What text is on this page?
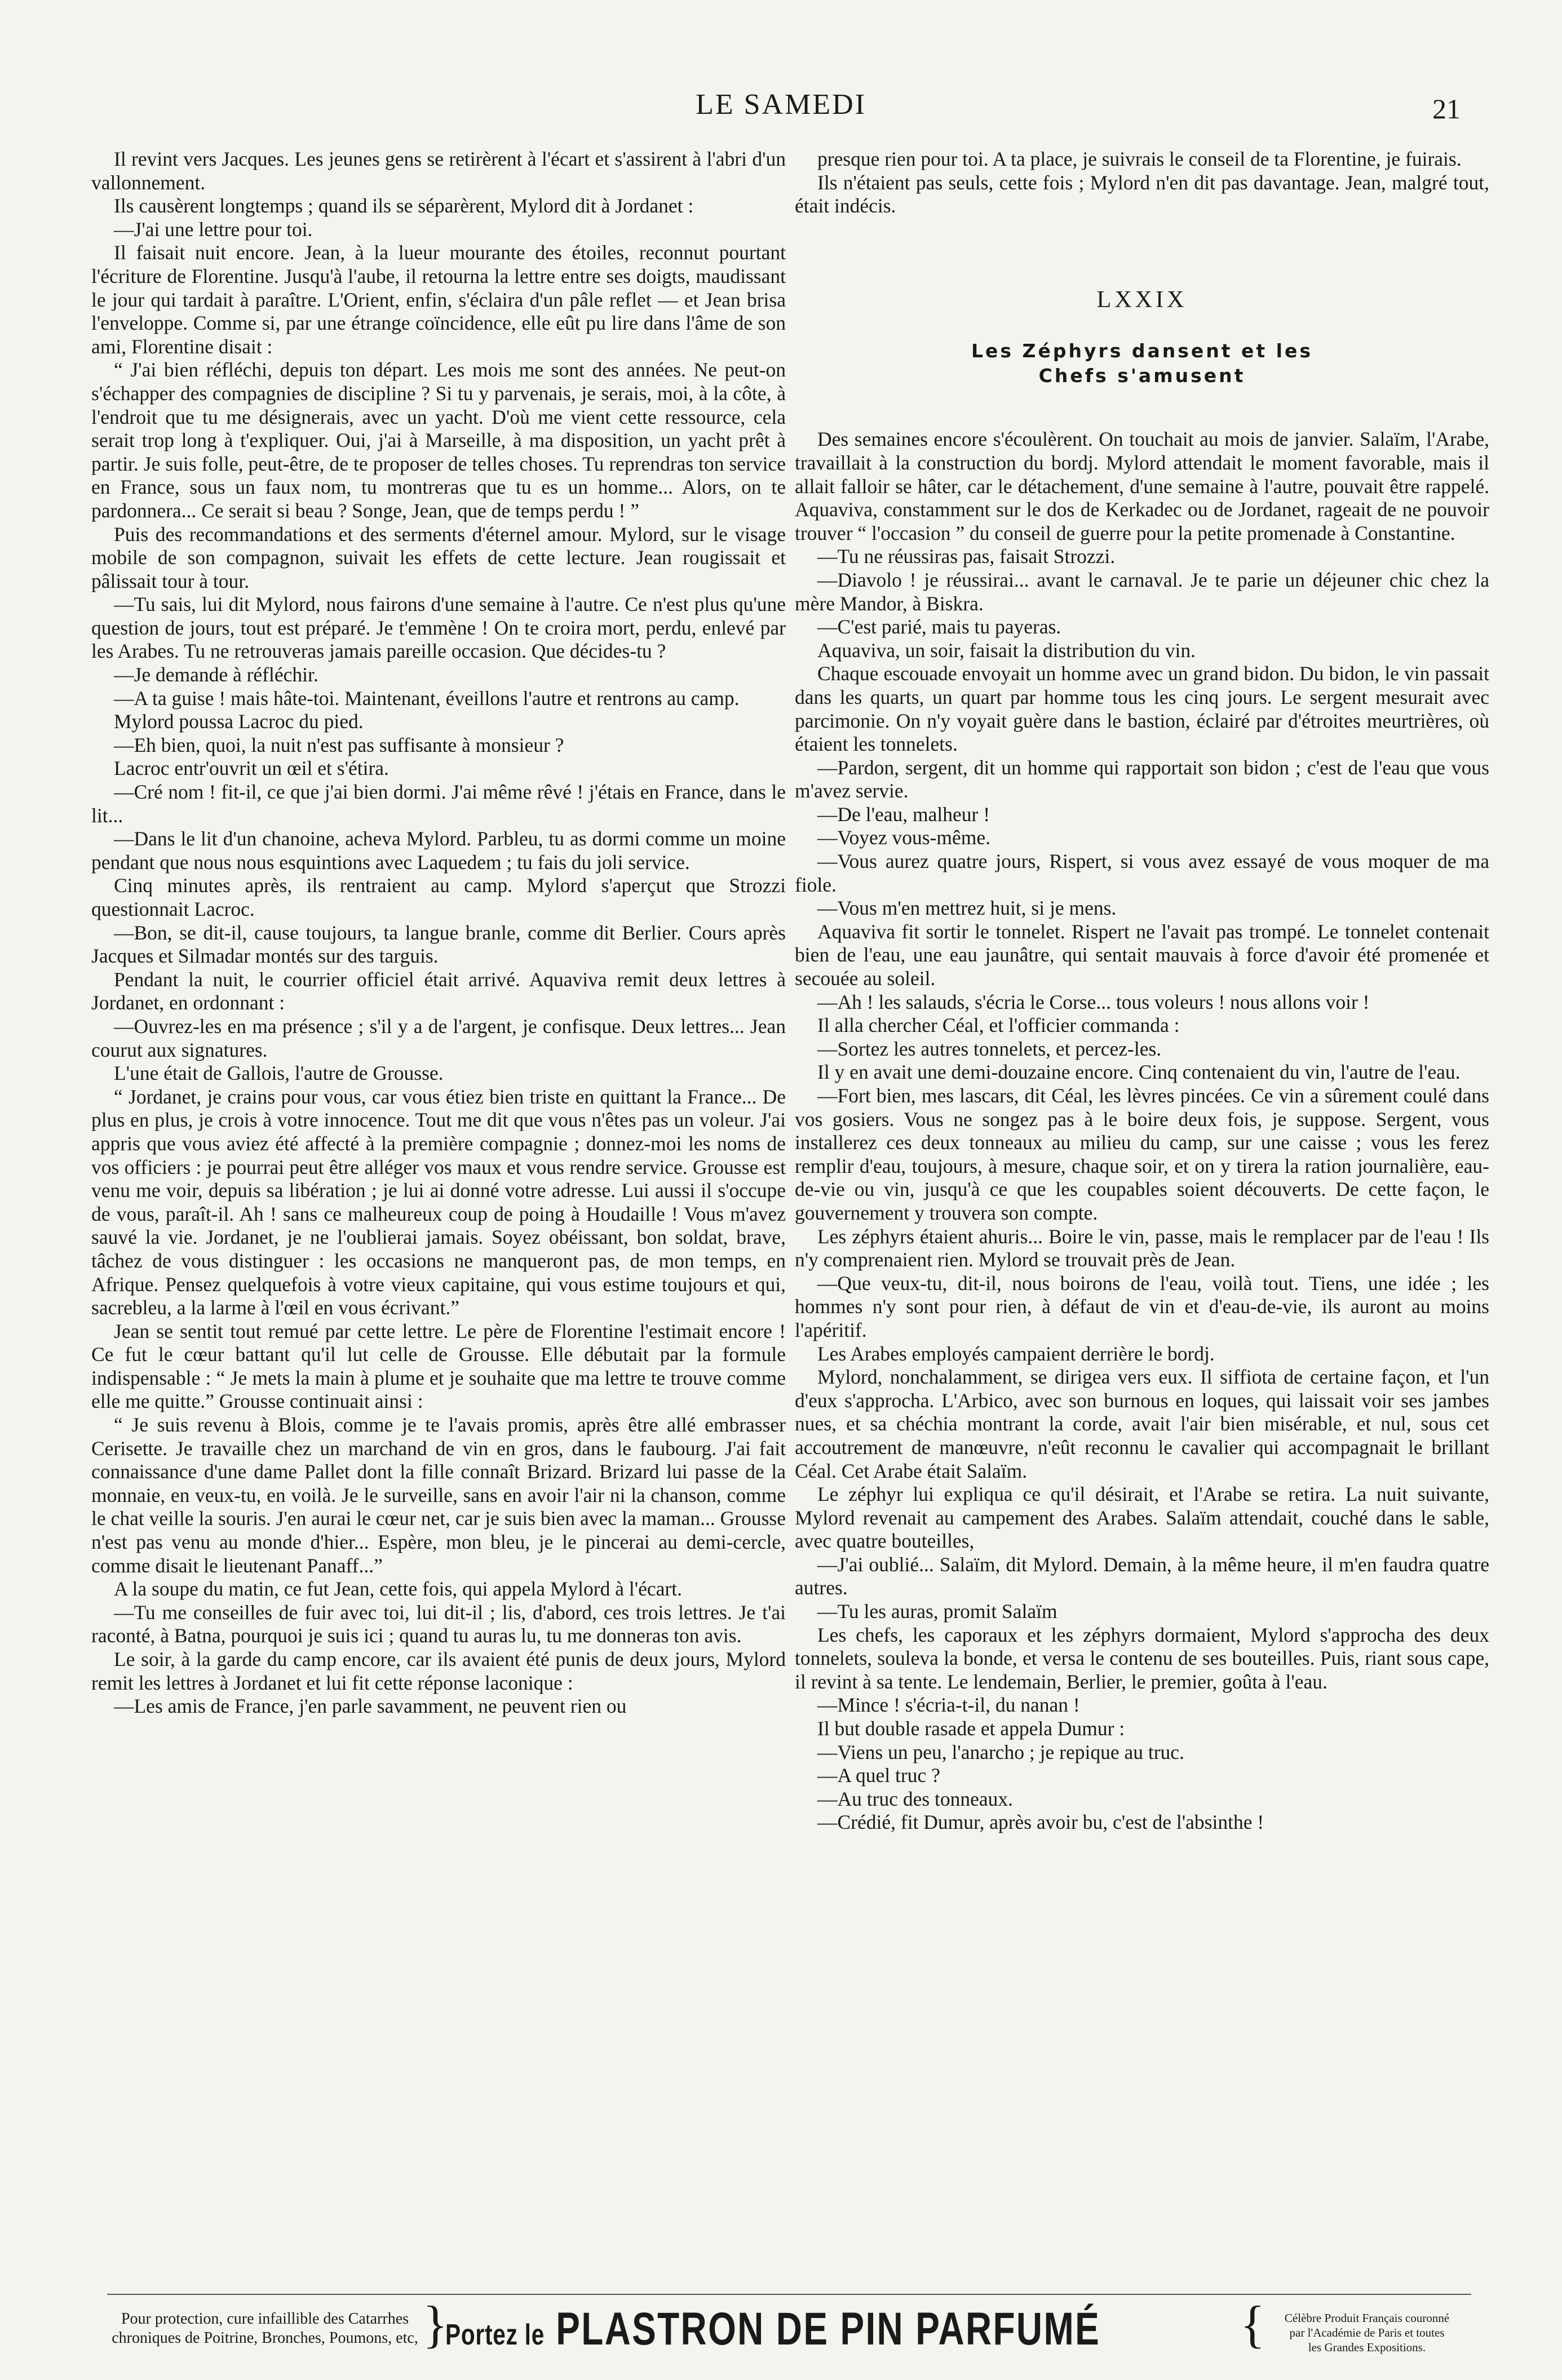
LE SAMEDI	21

Il revint vers Jacques. Les jeunes gens se retirèrent à l'écart et s'assirent à l'abri d'un vallonnement.

Ils causèrent longtemps ; quand ils se séparèrent, Mylord dit à Jordanet :

—J'ai une lettre pour toi.

Il faisait nuit encore. Jean, à la lueur mourante des étoiles, reconnut pourtant l'écriture de Florentine. Jusqu'à l'aube, il retourna la lettre entre ses doigts, maudissant le jour qui tardait à paraître. L'Orient, enfin, s'éclaira d'un pâle reflet — et Jean brisa l'enveloppe. Comme si, par une étrange coïncidence, elle eût pu lire dans l'âme de son ami, Florentine disait :

“ J'ai bien réfléchi, depuis ton départ. Les mois me sont des années. Ne peut-on s'échapper des compagnies de discipline ? Si tu y parvenais, je serais, moi, à la côte, à l'endroit que tu me désignerais, avec un yacht. D'où me vient cette ressource, cela serait trop long à t'expliquer. Oui, j'ai à Marseille, à ma disposition, un yacht prêt à partir. Je suis folle, peut-être, de te proposer de telles choses. Tu reprendras ton service en France, sous un faux nom, tu montreras que tu es un homme... Alors, on te pardonnera... Ce serait si beau ? Songe, Jean, que de temps perdu ! ”

Puis des recommandations et des serments d'éternel amour. Mylord, sur le visage mobile de son compagnon, suivait les effets de cette lecture. Jean rougissait et pâlissait tour à tour.

—Tu sais, lui dit Mylord, nous fairons d'une semaine à l'autre. Ce n'est plus qu'une question de jours, tout est préparé. Je t'emmène ! On te croira mort, perdu, enlevé par les Arabes. Tu ne retrouveras jamais pareille occasion. Que décides-tu ?

—Je demande à réfléchir.

—A ta guise ! mais hâte-toi. Maintenant, éveillons l'autre et rentrons au camp.

Mylord poussa Lacroc du pied.

—Eh bien, quoi, la nuit n'est pas suffisante à monsieur ?

Lacroc entr'ouvrit un œil et s'étira.

—Cré nom ! fit-il, ce que j'ai bien dormi. J'ai même rêvé ! j'étais en France, dans le lit...

—Dans le lit d'un chanoine, acheva Mylord. Parbleu, tu as dormi comme un moine pendant que nous nous esquintions avec Laquedem ; tu fais du joli service.

Cinq minutes après, ils rentraient au camp. Mylord s'aperçut que Strozzi questionnait Lacroc.

—Bon, se dit-il, cause toujours, ta langue branle, comme dit Berlier. Cours après Jacques et Silmadar montés sur des targuis.

Pendant la nuit, le courrier officiel était arrivé. Aquaviva remit deux lettres à Jordanet, en ordonnant :

—Ouvrez-les en ma présence ; s'il y a de l'argent, je confisque. Deux lettres... Jean courut aux signatures.

L'une était de Gallois, l'autre de Grousse.

“ Jordanet, je crains pour vous, car vous étiez bien triste en quittant la France... De plus en plus, je crois à votre innocence. Tout me dit que vous n'êtes pas un voleur. J'ai appris que vous aviez été affecté à la première compagnie ; donnez-moi les noms de vos officiers : je pourrai peut être alléger vos maux et vous rendre service. Grousse est venu me voir, depuis sa libération ; je lui ai donné votre adresse. Lui aussi il s'occupe de vous, paraît-il. Ah ! sans ce malheureux coup de poing à Houdaille ! Vous m'avez sauvé la vie. Jordanet, je ne l'oublierai jamais. Soyez obéissant, bon soldat, brave, tâchez de vous distinguer : les occasions ne manqueront pas, de mon temps, en Afrique. Pensez quelquefois à votre vieux capitaine, qui vous estime toujours et qui, sacrebleu, a la larme à l'œil en vous écrivant.”

Jean se sentit tout remué par cette lettre. Le père de Florentine l'estimait encore ! Ce fut le cœur battant qu'il lut celle de Grousse. Elle débutait par la formule indispensable : “ Je mets la main à plume et je souhaite que ma lettre te trouve comme elle me quitte.” Grousse continuait ainsi :

“ Je suis revenu à Blois, comme je te l'avais promis, après être allé embrasser Cerisette. Je travaille chez un marchand de vin en gros, dans le faubourg. J'ai fait connaissance d'une dame Pallet dont la fille connaît Brizard. Brizard lui passe de la monnaie, en veux-tu, en voilà. Je le surveille, sans en avoir l'air ni la chanson, comme le chat veille la souris. J'en aurai le cœur net, car je suis bien avec la maman... Grousse n'est pas venu au monde d'hier... Espère, mon bleu, je le pincerai au demi-cercle, comme disait le lieutenant Panaff...”

A la soupe du matin, ce fut Jean, cette fois, qui appela Mylord à l'écart.

—Tu me conseilles de fuir avec toi, lui dit-il ; lis, d'abord, ces trois lettres. Je t'ai raconté, à Batna, pourquoi je suis ici ; quand tu auras lu, tu me donneras ton avis.

Le soir, à la garde du camp encore, car ils avaient été punis de deux jours, Mylord remit les lettres à Jordanet et lui fit cette réponse laconique :

—Les amis de France, j'en parle savamment, ne peuvent rien ou

presque rien pour toi. A ta place, je suivrais le conseil de ta Florentine, je fuirais.

Ils n'étaient pas seuls, cette fois ; Mylord n'en dit pas davantage. Jean, malgré tout, était indécis.

LXXIX
Les Zéphyrs dansent et les
Chefs s'amusent

Des semaines encore s'écoulèrent. On touchait au mois de janvier. Salaïm, l'Arabe, travaillait à la construction du bordj. Mylord attendait le moment favorable, mais il allait falloir se hâter, car le détachement, d'une semaine à l'autre, pouvait être rappelé. Aquaviva, constamment sur le dos de Kerkadec ou de Jordanet, rageait de ne pouvoir trouver “ l'occasion ” du conseil de guerre pour la petite promenade à Constantine.

—Tu ne réussiras pas, faisait Strozzi.

—Diavolo ! je réussirai... avant le carnaval. Je te parie un déjeuner chic chez la mère Mandor, à Biskra.

—C'est parié, mais tu payeras.

Aquaviva, un soir, faisait la distribution du vin.

Chaque escouade envoyait un homme avec un grand bidon. Du bidon, le vin passait dans les quarts, un quart par homme tous les cinq jours. Le sergent mesurait avec parcimonie. On n'y voyait guère dans le bastion, éclairé par d'étroites meurtrières, où étaient les tonnelets.

—Pardon, sergent, dit un homme qui rapportait son bidon ; c'est de l'eau que vous m'avez servie.

—De l'eau, malheur !

—Voyez vous-même.

—Vous aurez quatre jours, Rispert, si vous avez essayé de vous moquer de ma fiole.

—Vous m'en mettrez huit, si je mens.

Aquaviva fit sortir le tonnelet. Rispert ne l'avait pas trompé. Le tonnelet contenait bien de l'eau, une eau jaunâtre, qui sentait mauvais à force d'avoir été promenée et secouée au soleil.

—Ah ! les salauds, s'écria le Corse... tous voleurs ! nous allons voir !

Il alla chercher Céal, et l'officier commanda :

—Sortez les autres tonnelets, et percez-les.

Il y en avait une demi-douzaine encore. Cinq contenaient du vin, l'autre de l'eau.

—Fort bien, mes lascars, dit Céal, les lèvres pincées. Ce vin a sûrement coulé dans vos gosiers. Vous ne songez pas à le boire deux fois, je suppose. Sergent, vous installerez ces deux tonneaux au milieu du camp, sur une caisse ; vous les ferez remplir d'eau, toujours, à mesure, chaque soir, et on y tirera la ration journalière, eau-de-vie ou vin, jusqu'à ce que les coupables soient découverts. De cette façon, le gouvernement y trouvera son compte.

Les zéphyrs étaient ahuris... Boire le vin, passe, mais le remplacer par de l'eau ! Ils n'y comprenaient rien. Mylord se trouvait près de Jean.

—Que veux-tu, dit-il, nous boirons de l'eau, voilà tout. Tiens, une idée ; les hommes n'y sont pour rien, à défaut de vin et d'eau-de-vie, ils auront au moins l'apéritif.

Les Arabes employés campaient derrière le bordj.

Mylord, nonchalamment, se dirigea vers eux. Il siffiota de certaine façon, et l'un d'eux s'approcha. L'Arbico, avec son burnous en loques, qui laissait voir ses jambes nues, et sa chéchia montrant la corde, avait l'air bien misérable, et nul, sous cet accoutrement de manœuvre, n'eût reconnu le cavalier qui accompagnait le brillant Céal. Cet Arabe était Salaïm.

Le zéphyr lui expliqua ce qu'il désirait, et l'Arabe se retira. La nuit suivante, Mylord revenait au campement des Arabes. Salaïm attendait, couché dans le sable, avec quatre bouteilles,

—J'ai oublié... Salaïm, dit Mylord. Demain, à la même heure, il m'en faudra quatre autres.

—Tu les auras, promit Salaïm

Les chefs, les caporaux et les zéphyrs dormaient, Mylord s'approcha des deux tonnelets, souleva la bonde, et versa le contenu de ses bouteilles. Puis, riant sous cape, il revint à sa tente. Le lendemain, Berlier, le premier, goûta à l'eau.

—Mince ! s'écria-t-il, du nanan !

Il but double rasade et appela Dumur :

—Viens un peu, l'anarcho ; je repique au truc.

—A quel truc ?

—Au truc des tonneaux.

—Crédié, fit Dumur, après avoir bu, c'est de l'absinthe !

Pour protection, cure infaillible des Catarrhes
chroniques de Poitrine, Bronches, Poumons, etc, }
Portez le PLASTRON DE PIN PARFUMÉ	{	Célèbre Produit Français couronné
par l'Académie de Paris et toutes
les Grandes Expositions.
